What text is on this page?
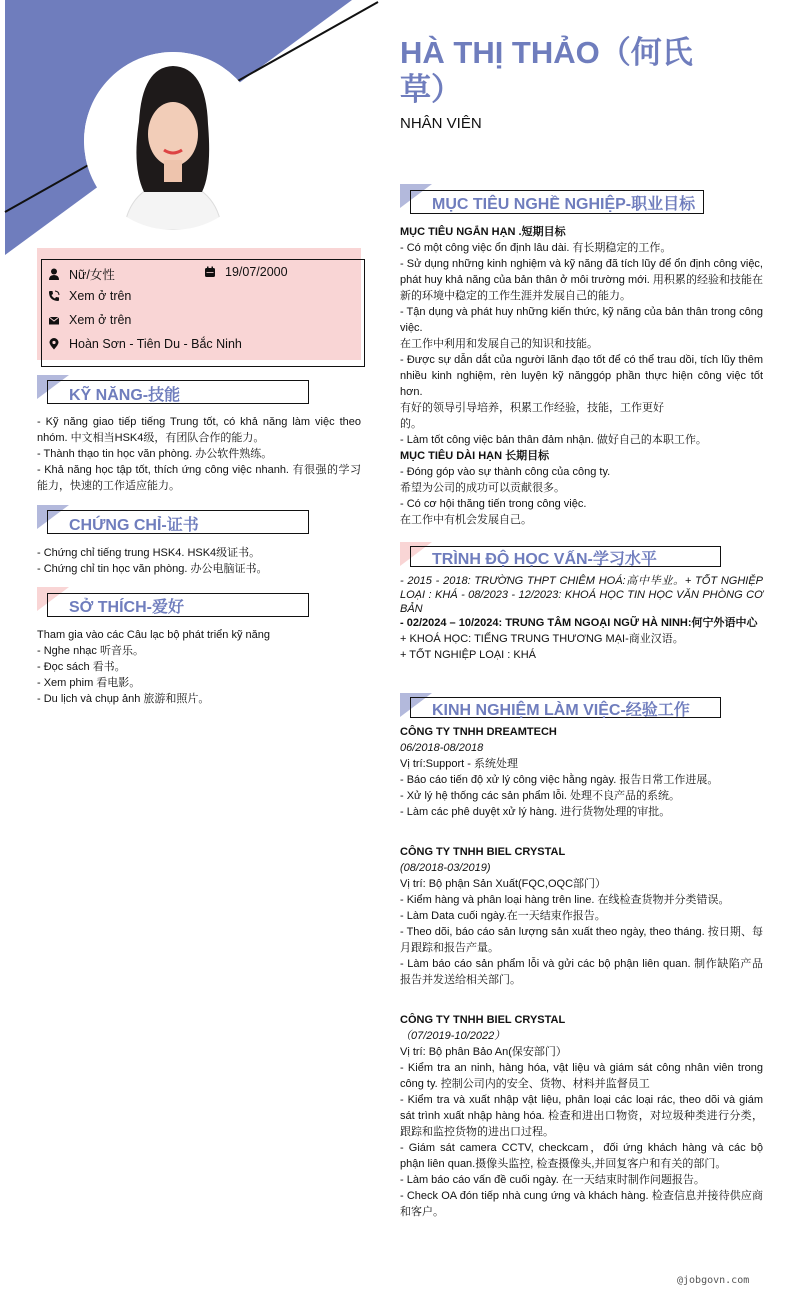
HÀ THỊ THẢO（何氏草）
NHÂN VIÊN
Nữ/女性	19/07/2000
Xem ở trên
Xem ở trên
Hoàn Sơn - Tiên Du - Bắc Ninh
KỸ NĂNG-技能
- Kỹ năng giao tiếp tiếng Trung tốt, có khả năng làm việc theo nhóm. 中文相当HSK4级，有团队合作的能力。
- Thành thạo tin học văn phòng. 办公软件熟练。
- Khả năng học tập tốt, thích ứng công việc nhanh. 有很强的学习能力，快速的工作适应能力。
CHỨNG CHỈ-证书
- Chứng chỉ tiếng trung HSK4. HSK4级证书。
- Chứng chỉ tin học văn phòng. 办公电脑证书。
SỞ THÍCH-爱好
Tham gia vào các Câu lạc bộ phát triển kỹ năng
- Nghe nhạc 听音乐。
- Đọc sách 看书。
- Xem phim 看电影。
- Du lịch và chụp ảnh 旅游和照片。
MỤC TIÊU NGHỀ NGHIỆP-职业目标
MỤC TIÊU NGẮN HẠN .短期目标
- Có một công việc ổn định lâu dài. 有长期稳定的工作。
- Sử dụng những kinh nghiệm và kỹ năng đã tích lũy để ổn định công việc, phát huy khả năng của bản thân ở môi trường mới. 用积累的经验和技能在新的环境中稳定的工作生涯并发展自己的能力。
- Tận dụng và phát huy những kiến thức, kỹ năng của bản thân trong công việc.
在工作中利用和发展自己的知识和技能。
- Được sự dẫn dắt của người lãnh đạo tốt để có thể trau dồi, tích lũy thêm nhiều kinh nghiệm, rèn luyện kỹ nănggóp phần thực hiện công việc tốt hơn.
有好的领导引导培养，积累工作经验，技能，工作更好
的。
- Làm tốt công việc bản thân đảm nhận. 做好自己的本职工作。
MỤC TIÊU DÀI HẠN 长期目标
- Đóng góp vào sự thành công của công ty.
希望为公司的成功可以贡献很多。
- Có cơ hội thăng tiến trong công việc.
在工作中有机会发展自己。
TRÌNH ĐỘ HỌC VẤN-学习水平
- 2015 - 2018: TRƯỜNG THPT CHIÊM HOÁ:高中毕业。+ TỐT NGHIỆP LOẠI : KHÁ - 08/2023 - 12/2023: KHOÁ HỌC TIN HỌC VĂN PHÒNG CƠ BẢN
- 02/2024 – 10/2024: TRUNG TÂM NGOẠI NGỮ HÀ NINH:何宁外语中心
+ KHOÁ HỌC: TIẾNG TRUNG THƯƠNG MẠI-商业汉语。
+ TỐT NGHIỆP LOẠI : KHÁ
KINH NGHIỆM LÀM VIỆC-经验工作
CÔNG TY TNHH DREAMTECH
06/2018-08/2018
Vị trí:Support - 系统处理
- Báo cáo tiến độ xử lý công việc hằng ngày. 报告日常工作进展。
- Xử lý hệ thống các sản phẩm lỗi. 处理不良产品的系统。
- Làm các phê duyệt xử lý hàng. 进行货物处理的审批。
CÔNG TY TNHH BIEL CRYSTAL
(08/2018-03/2019)
Vị trí: Bộ phận Sản Xuất(FQC,OQC部门）
- Kiểm hàng và phân loại hàng trên line. 在线检查货物并分类错误。
- Làm Data cuối ngày.在一天结束作报告。
- Theo dõi, báo cáo sản lượng sản xuất theo ngày, theo tháng. 按日期、每月跟踪和报告产量。
- Làm báo cáo sản phẩm lỗi và gửi các bộ phận liên quan. 制作缺陷产品报告并发送给相关部门。
CÔNG TY TNHH BIEL CRYSTAL
（07/2019-10/2022）
Vị trí: Bộ phân Bảo An(保安部门）
- Kiểm tra an ninh, hàng hóa, vật liệu và giám sát công nhân viên trong công ty. 控制公司内的安全、货物、材料并监督员工
- Kiểm tra và xuất nhập vật liệu, phân loại các loại rác, theo dõi và giám sát trình xuất nhập hàng hóa. 检查和进出口物资，对垃圾种类进行分类，跟踪和监控货物的进出口过程。
- Giám sát camera CCTV, checkcam，đối ứng khách hàng và các bộ phận liên quan.摄像头监控, 检查摄像头,并回复客户和有关的部门。
- Làm báo cáo vấn đề cuối ngày. 在一天结束时制作问题报告。
- Check OA đón tiếp nhà cung ứng và khách hàng. 检查信息并接待供应商和客户。
@jobgovn.com
